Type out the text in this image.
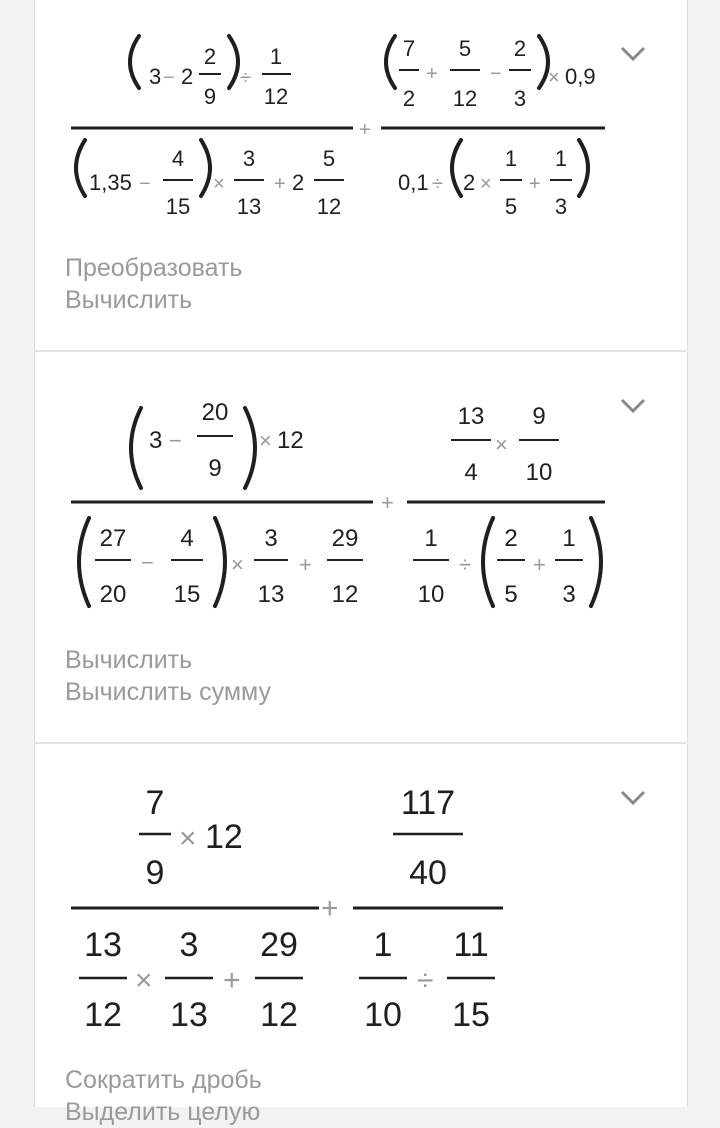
3 − 2
2
9
÷
1
12
7
2
+
5
12
−
2
3
× 0,9
+
1,35 −
4
15
×
3
13
+ 2
5
12
0,1 ÷ 2 ×
1
5
+
1
3
Преобразовать
Вычислить
3 −
20
9
× 12
13
4
×
9
10
+
27
20
−
4
15
×
3
13
+
29
12
1
10
÷
2
5
+
1
3
Вычислить
Вычислить сумму
7
9
× 12
117
40
+
13
12
×
3
13
+
29
12
1
10
÷
11
15
Сократить дробь
Выделить целую
